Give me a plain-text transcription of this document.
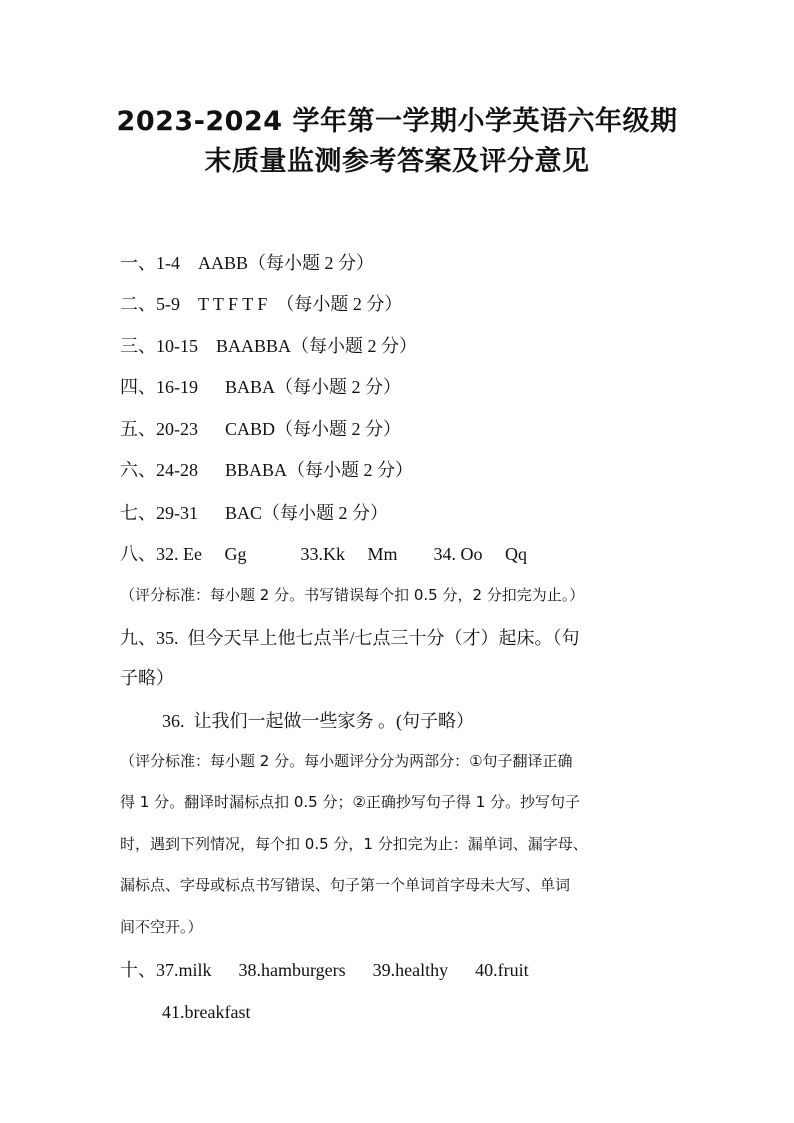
2023-2024 学年第一学期小学英语六年级期
末质量监测参考答案及评分意见
一、1-4    AABB（每小题 2 分）
二、5-9    T T F T F  （每小题 2 分）
三、10-15    BAABBA（每小题 2 分）
四、16-19      BABA（每小题 2 分）
五、20-23      CABD（每小题 2 分）
六、24-28      BBABA（每小题 2 分）
七、29-31      BAC（每小题 2 分）
八、32. Ee     Gg            33.Kk     Mm        34. Oo     Qq
（评分标准：每小题 2 分。书写错误每个扣 0.5 分，2 分扣完为止。）
九、35.  但今天早上他七点半/七点三十分（才）起床。（句
子略）
36.  让我们一起做一些家务 。(句子略）
（评分标准：每小题 2 分。每小题评分分为两部分：①句子翻译正确
得 1 分。翻译时漏标点扣 0.5 分；②正确抄写句子得 1 分。抄写句子
时，遇到下列情况，每个扣 0.5 分，1 分扣完为止：漏单词、漏字母、
漏标点、字母或标点书写错误、句子第一个单词首字母未大写、单词
间不空开。）
十、37.milk      38.hamburgers      39.healthy      40.fruit
41.breakfast
